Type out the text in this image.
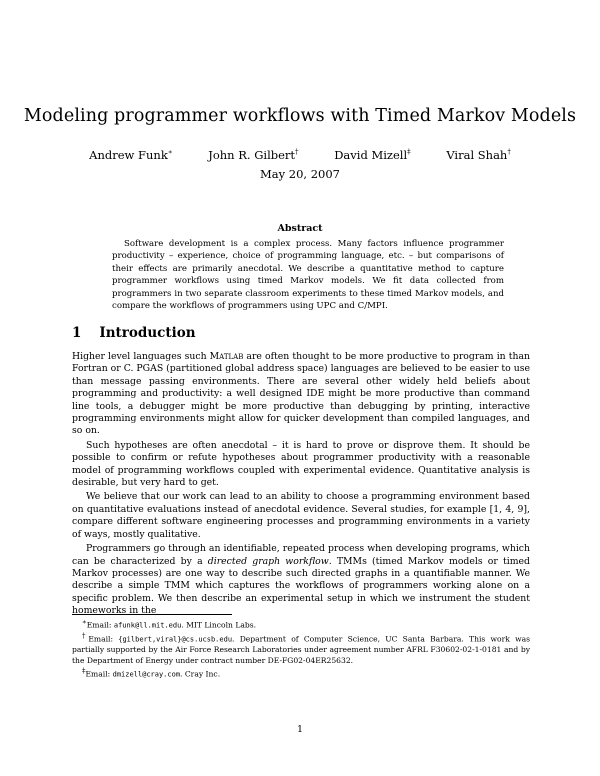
Modeling programmer workflows with Timed Markov Models
Andrew Funk∗	John R. Gilbert†	David Mizell‡	Viral Shah†
May 20, 2007
Abstract
Software development is a complex process. Many factors influence programmer productivity – experience, choice of programming language, etc. – but comparisons of their effects are primarily anecdotal. We describe a quantitative method to capture programmer workflows using timed Markov models. We fit data collected from programmers in two separate classroom experiments to these timed Markov models, and compare the workflows of programmers using UPC and C/MPI.
1 Introduction

Higher level languages such Matlab are often thought to be more productive to program in than Fortran or C. PGAS (partitioned global address space) languages are believed to be easier to use than message passing environments. There are several other widely held beliefs about programming and productivity: a well designed IDE might be more productive than command line tools, a debugger might be more productive than debugging by printing, interactive programming environments might allow for quicker development than compiled languages, and so on.

Such hypotheses are often anecdotal – it is hard to prove or disprove them. It should be possible to confirm or refute hypotheses about programmer productivity with a reasonable model of programming workflows coupled with experimental evidence. Quantitative analysis is desirable, but very hard to get.

We believe that our work can lead to an ability to choose a programming environment based on quantitative evaluations instead of anecdotal evidence. Several studies, for example [1, 4, 9], compare different software engineering processes and programming environments in a variety of ways, mostly qualitative.

Programmers go through an identifiable, repeated process when developing programs, which can be characterized by a directed graph workflow. TMMs (timed Markov models or timed Markov processes) are one way to describe such directed graphs in a quantifiable manner. We describe a simple TMM which captures the workflows of programmers working alone on a specific problem. We then describe an experimental setup in which we instrument the student homeworks in the

∗Email: afunk@ll.mit.edu. MIT Lincoln Labs.

†Email: {gilbert,viral}@cs.ucsb.edu. Department of Computer Science, UC Santa Barbara. This work was partially supported by the Air Force Research Laboratories under agreement number AFRL F30602-02-1-0181 and by the Department of Energy under contract number DE-FG02-04ER25632.

‡Email: dmizell@cray.com. Cray Inc.

1
